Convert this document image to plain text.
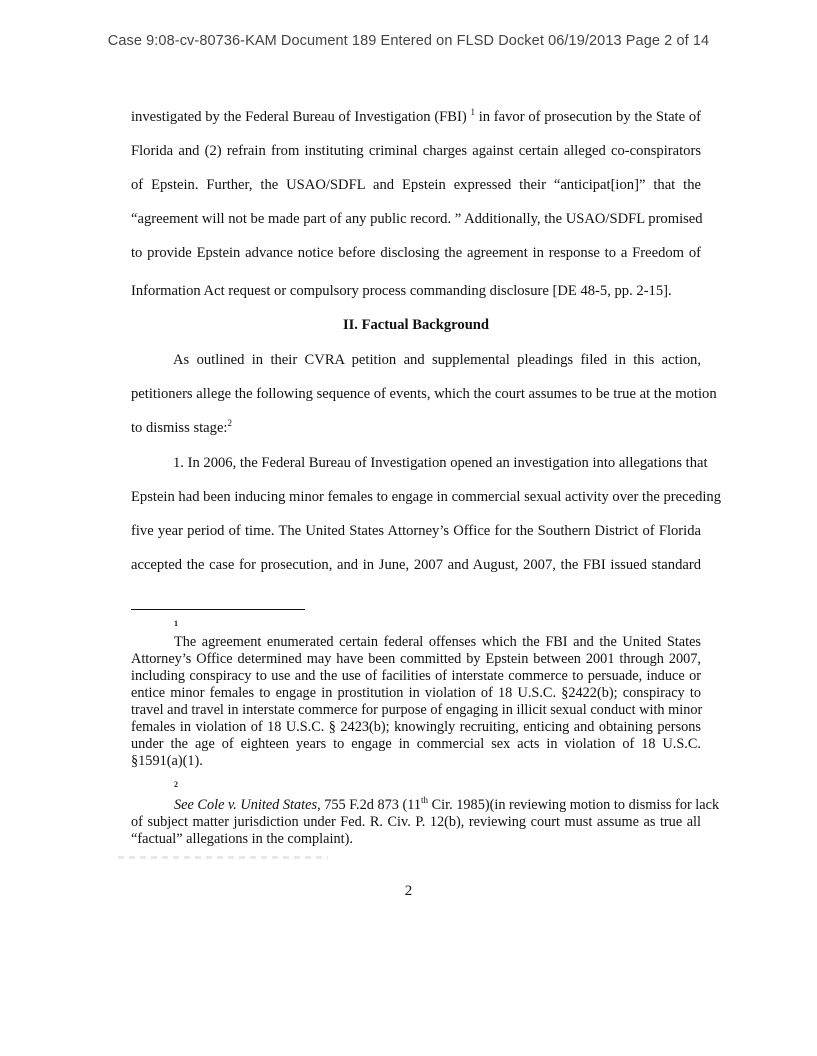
Case 9:08-cv-80736-KAM Document 189 Entered on FLSD Docket 06/19/2013 Page 2 of 14
investigated by the Federal Bureau of Investigation (FBI) $^1$ in favor of prosecution by the State of
Florida and (2) refrain from instituting criminal charges against certain alleged co-conspirators
of Epstein. Further, the USAO/SDFL and Epstein expressed their “anticipat[ion]” that the
“agreement will not be made part of any public record. ” Additionally, the USAO/SDFL promised
to provide Epstein advance notice before disclosing the agreement in response to a Freedom of
Information Act request or compulsory process commanding disclosure [DE 48-5, pp. 2-15].
II. Factual Background
As outlined in their CVRA petition and supplemental pleadings filed in this action,
petitioners allege the following sequence of events, which the court assumes to be true at the motion
to dismiss stage:$^2$
1. In 2006, the Federal Bureau of Investigation opened an investigation into allegations that
Epstein had been inducing minor females to engage in commercial sexual activity over the preceding
five year period of time. The United States Attorney’s Office for the Southern District of Florida
accepted the case for prosecution, and in June, 2007 and August, 2007, the FBI issued standard
1
The agreement enumerated certain federal offenses which the FBI and the United States
Attorney’s Office determined may have been committed by Epstein between 2001 through 2007,
including conspiracy to use and the use of facilities of interstate commerce to persuade, induce or
entice minor females to engage in prostitution in violation of 18 U.S.C. §2422(b); conspiracy to
travel and travel in interstate commerce for purpose of engaging in illicit sexual conduct with minor
females in violation of 18 U.S.C. § 2423(b); knowingly recruiting, enticing and obtaining persons
under the age of eighteen years to engage in commercial sex acts in violation of 18 U.S.C.
§1591(a)(1).
2
See Cole v. United States, 755 F.2d 873 (11th Cir. 1985)(in reviewing motion to dismiss for lack
of subject matter jurisdiction under Fed. R. Civ. P. 12(b), reviewing court must assume as true all
“factual” allegations in the complaint).
2
